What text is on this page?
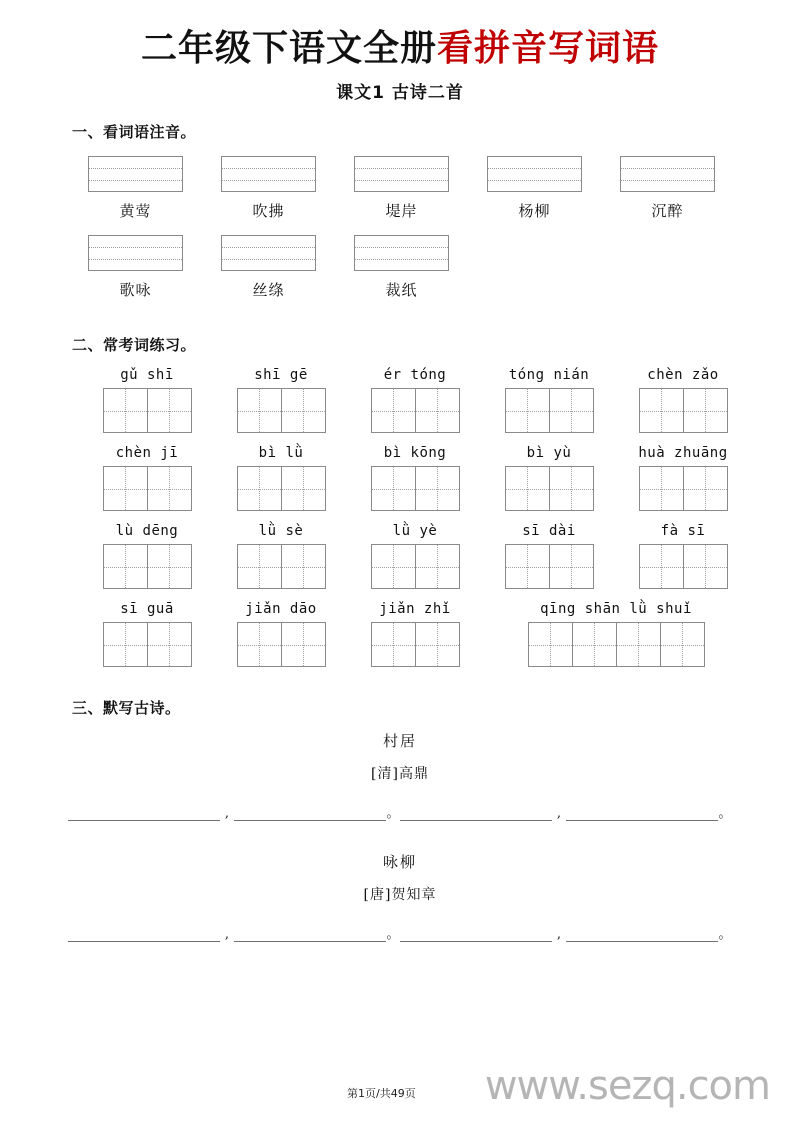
二年级下语文全册看拼音写词语
课文1 古诗二首
一、看词语注音。
黄莺	吹拂	堤岸	杨柳	沉醉
歌咏	丝绦	裁纸
二、常考词练习。
gǔ shī	shī gē	ér tóng	tóng nián	chèn zǎo
chèn jī	bì lǜ	bì kōng	bì yù	huà zhuāng
lù dēng	lǜ sè	lǜ yè	sī dài	fà sī
sī guā	jiǎn dāo	jiǎn zhǐ	qīng shān lǜ shuǐ
三、默写古诗。
村居
[清]高鼎
,	。	,	。
咏柳
[唐]贺知章
,	。	,	。
第1页/共49页 www.sezq.com
